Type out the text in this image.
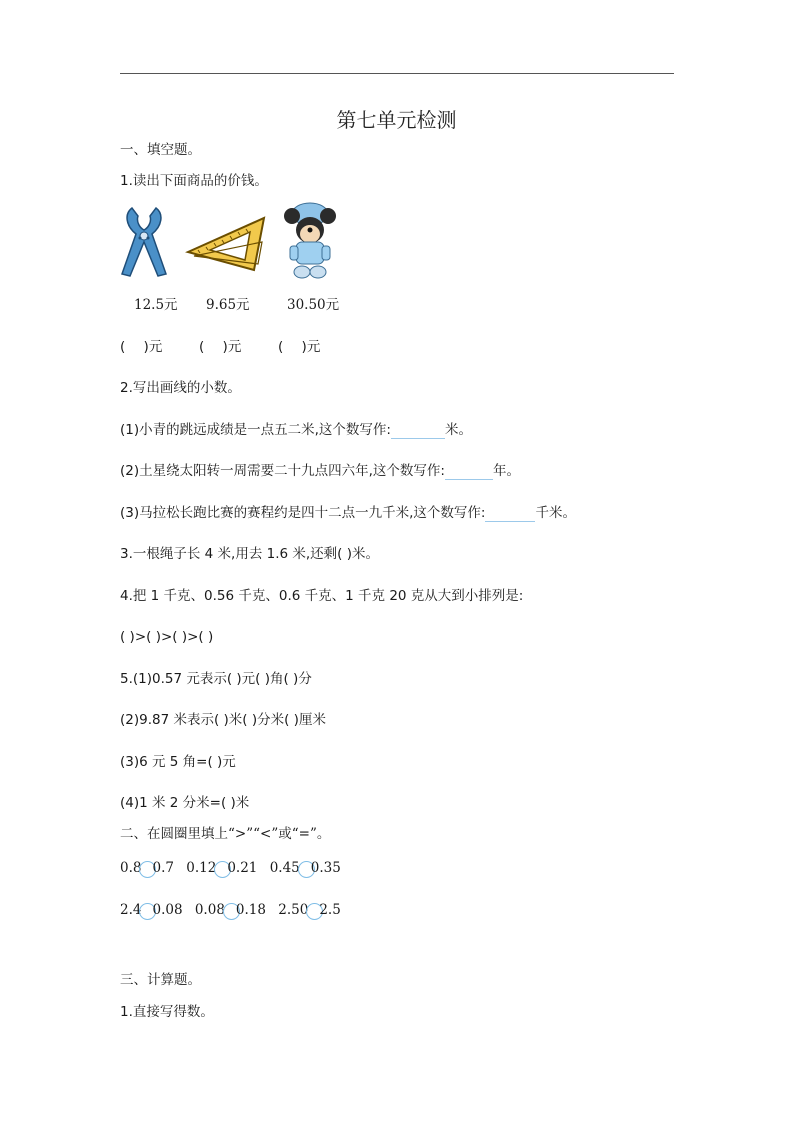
第七单元检测
一、填空题。
1.读出下面商品的价钱。
12.5元 9.65元	30.50元
( )元	( )元	( )元
2.写出画线的小数。
(1)小青的跳远成绩是一点五二米,这个数写作:	米。
(2)土星绕太阳转一周需要二十九点四六年,这个数写作:	年。
(3)马拉松长跑比赛的赛程约是四十二点一九千米,这个数写作:	千米。
3.一根绳子长 4 米,用去 1.6 米,还剩( )米。
4.把 1 千克、0.56 千克、0.6 千克、1 千克 20 克从大到小排列是:
( )>( )>( )>( )
5.(1)0.57 元表示( )元( )角( )分
(2)9.87 米表示( )米( )分米( )厘米
(3)6 元 5 角=( )元
(4)1 米 2 分米=( )米
二、在圆圈里填上“>”“<”或“=”。
0.8 0.7 0.12 0.21 0.45 0.35
2.4 0.08 0.08 0.18 2.50 2.5
三、计算题。
1.直接写得数。
